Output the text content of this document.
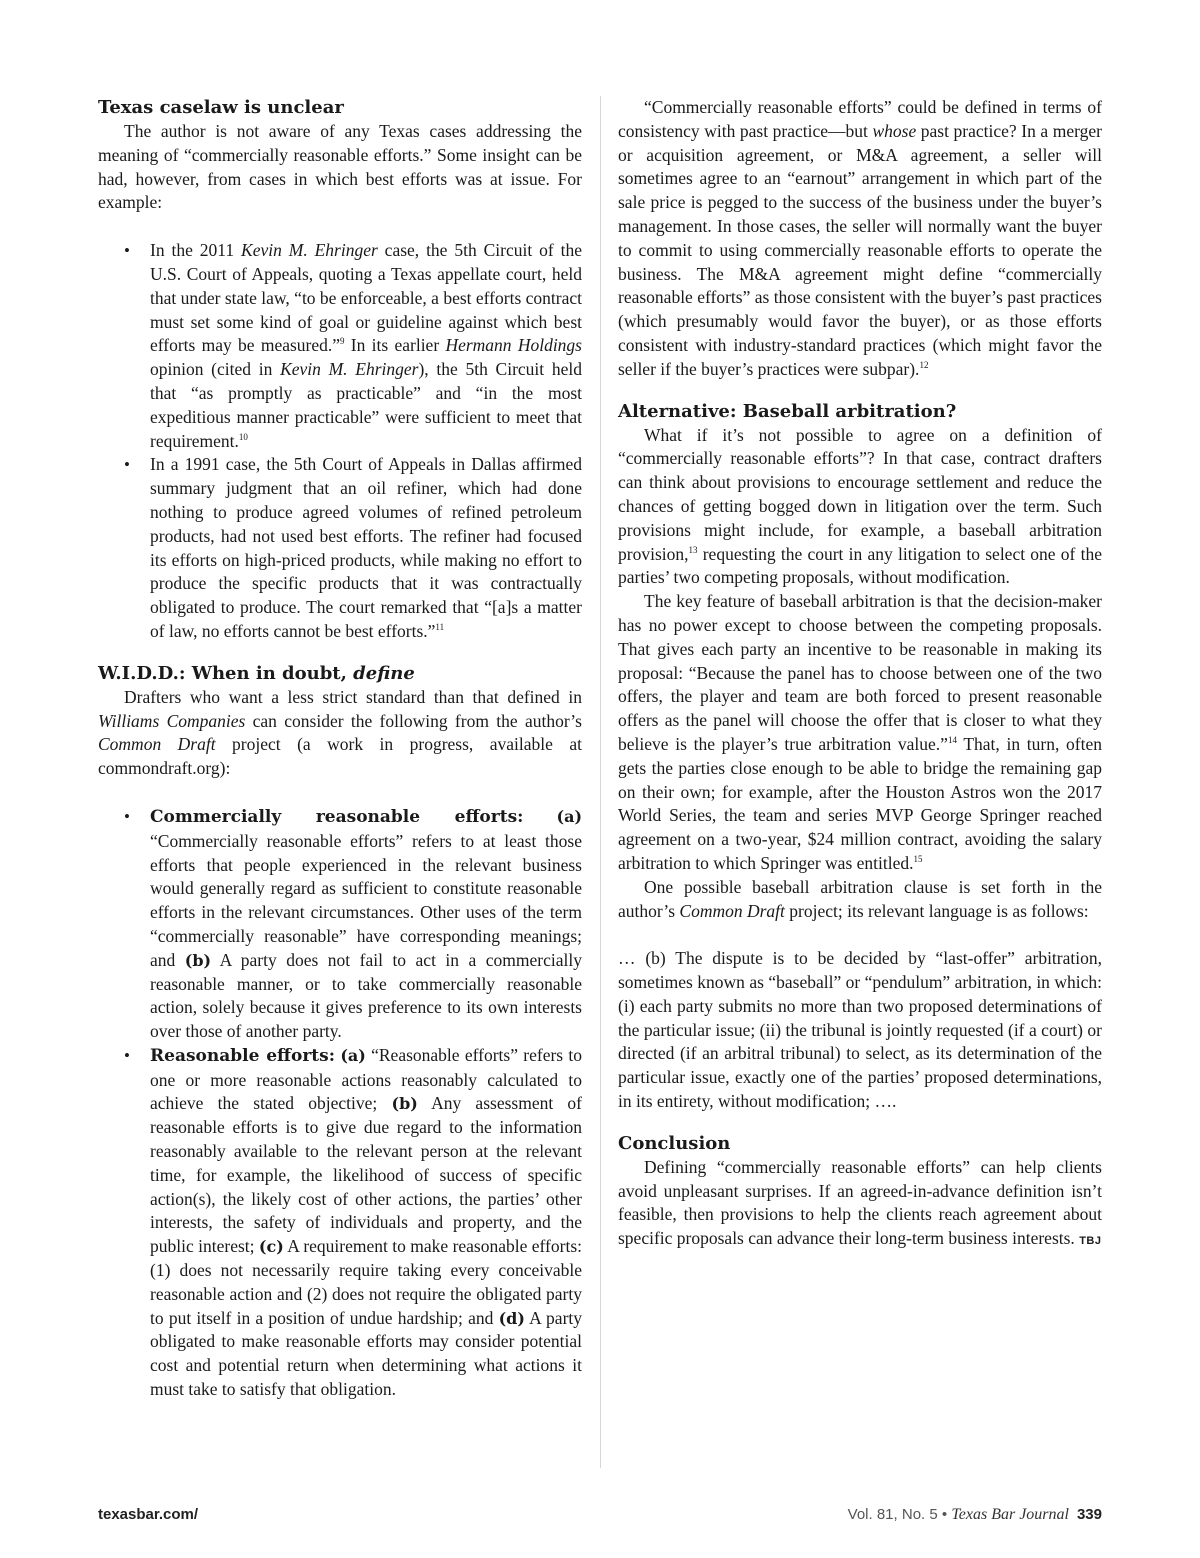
Texas caselaw is unclear

The author is not aware of any Texas cases addressing the meaning of “commercially reasonable efforts.” Some insight can be had, however, from cases in which best efforts was at issue. For example:

• In the 2011 Kevin M. Ehringer case, the 5th Circuit of the U.S. Court of Appeals, quoting a Texas appellate court, held that under state law, “to be enforceable, a best efforts contract must set some kind of goal or guideline against which best efforts may be measured.”$^9$ In its earlier Hermann Holdings opinion (cited in Kevin M. Ehringer), the 5th Circuit held that “as promptly as practicable” and “in the most expeditious manner practicable” were sufficient to meet that requirement.$^{10}$
• In a 1991 case, the 5th Court of Appeals in Dallas affirmed summary judgment that an oil refiner, which had done nothing to produce agreed volumes of refined petroleum products, had not used best efforts. The refiner had focused its efforts on high-priced products, while making no effort to produce the specific products that it was contractually obligated to produce. The court remarked that “[a]s a matter of law, no efforts cannot be best efforts.”$^{11}$
W.I.D.D.: When in doubt, define

Drafters who want a less strict standard than that defined in Williams Companies can consider the following from the author’s Common Draft project (a work in progress, available at commondraft.org):

• Commercially reasonable efforts: (a) “Commercially reasonable efforts” refers to at least those efforts that people experienced in the relevant business would generally regard as sufficient to constitute reasonable efforts in the relevant circumstances. Other uses of the term “commercially reasonable” have corresponding meanings; and (b) A party does not fail to act in a commercially reasonable manner, or to take commercially reasonable action, solely because it gives preference to its own interests over those of another party.
• Reasonable efforts: (a) “Reasonable efforts” refers to one or more reasonable actions reasonably calculated to achieve the stated objective; (b) Any assessment of reasonable efforts is to give due regard to the information reasonably available to the relevant person at the relevant time, for example, the likelihood of success of specific action(s), the likely cost of other actions, the parties’ other interests, the safety of individuals and property, and the public interest; (c) A requirement to make reasonable efforts: (1) does not necessarily require taking every conceivable reasonable action and (2) does not require the obligated party to put itself in a position of undue hardship; and (d) A party obligated to make reasonable efforts may consider potential cost and potential return when determining what actions it must take to satisfy that obligation.

“Commercially reasonable efforts” could be defined in terms of consistency with past practice—but whose past practice? In a merger or acquisition agreement, or M&A agreement, a seller will sometimes agree to an “earnout” arrangement in which part of the sale price is pegged to the success of the business under the buyer’s management. In those cases, the seller will normally want the buyer to commit to using commercially reasonable efforts to operate the business. The M&A agreement might define “commercially reasonable efforts” as those consistent with the buyer’s past practices (which presumably would favor the buyer), or as those efforts consistent with industry-standard practices (which might favor the seller if the buyer’s practices were subpar).$^{12}$

Alternative: Baseball arbitration?

What if it’s not possible to agree on a definition of “commercially reasonable efforts”? In that case, contract drafters can think about provisions to encourage settlement and reduce the chances of getting bogged down in litigation over the term. Such provisions might include, for example, a baseball arbitration provision,$^{13}$ requesting the court in any litigation to select one of the parties’ two competing proposals, without modification.

The key feature of baseball arbitration is that the decision-maker has no power except to choose between the competing proposals. That gives each party an incentive to be reasonable in making its proposal: “Because the panel has to choose between one of the two offers, the player and team are both forced to present reasonable offers as the panel will choose the offer that is closer to what they believe is the player’s true arbitration value.”$^{14}$ That, in turn, often gets the parties close enough to be able to bridge the remaining gap on their own; for example, after the Houston Astros won the 2017 World Series, the team and series MVP George Springer reached agreement on a two-year, $24 million contract, avoiding the salary arbitration to which Springer was entitled.$^{15}$

One possible baseball arbitration clause is set forth in the author’s Common Draft project; its relevant language is as follows:

… (b) The dispute is to be decided by “last-offer” arbitration, sometimes known as “baseball” or “pendulum” arbitration, in which: (i) each party submits no more than two proposed determinations of the particular issue; (ii) the tribunal is jointly requested (if a court) or directed (if an arbitral tribunal) to select, as its determination of the particular issue, exactly one of the parties’ proposed determinations, in its entirety, without modification; ….

Conclusion

Defining “commercially reasonable efforts” can help clients avoid unpleasant surprises. If an agreed-in-advance definition isn’t feasible, then provisions to help the clients reach agreement about specific proposals can advance their long-term business interests. TBJ

texasbar.com/	Vol. 81, No. 5 • Texas Bar Journal 339
